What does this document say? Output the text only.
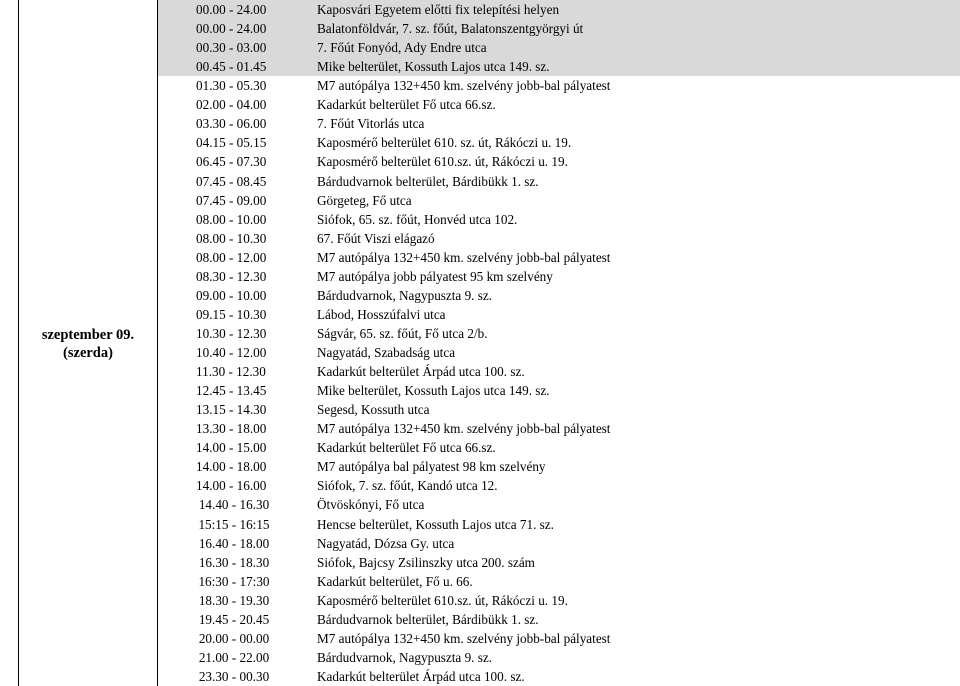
szeptember 09.
(szerda)
00.00 - 24.00	Kaposvári Egyetem előtti fix telepítési helyen
00.00 - 24.00	Balatonföldvár, 7. sz. főút, Balatonszentgyörgyi út
00.30 - 03.00	7. Főút Fonyód, Ady Endre utca
00.45 - 01.45	Mike belterület, Kossuth Lajos utca 149. sz.
01.30 - 05.30	M7 autópálya 132+450 km. szelvény jobb-bal pályatest
02.00 - 04.00	Kadarkút belterület Fő utca 66.sz.
03.30 - 06.00	7. Főút Vitorlás utca
04.15 - 05.15	Kaposmérő belterület 610. sz. út, Rákóczi u. 19.
06.45 - 07.30	Kaposmérő belterület 610.sz. út, Rákóczi u. 19.
07.45 - 08.45	Bárdudvarnok belterület, Bárdibükk 1. sz.
07.45 - 09.00	Görgeteg, Fő utca
08.00 - 10.00	Siófok, 65. sz. főút, Honvéd utca 102.
08.00 - 10.30	67. Főút Viszi elágazó
08.00 - 12.00	M7 autópálya 132+450 km. szelvény jobb-bal pályatest
08.30 - 12.30	M7 autópálya jobb pályatest 95 km szelvény
09.00 - 10.00	Bárdudvarnok, Nagypuszta 9. sz.
09.15 - 10.30	Lábod, Hosszúfalvi utca
10.30 - 12.30	Ságvár, 65. sz. főút, Fő utca 2/b.
10.40 - 12.00	Nagyatád, Szabadság utca
11.30 - 12.30	Kadarkút belterület Árpád utca 100. sz.
12.45 - 13.45	Mike belterület, Kossuth Lajos utca 149. sz.
13.15 - 14.30	Segesd, Kossuth utca
13.30 - 18.00	M7 autópálya 132+450 km. szelvény jobb-bal pályatest
14.00 - 15.00	Kadarkút belterület Fő utca 66.sz.
14.00 - 18.00	M7 autópálya bal pályatest 98 km szelvény
14.00 - 16.00	Siófok, 7. sz. főút, Kandó utca 12.
14.40 - 16.30	Ötvöskónyi, Fő utca
15:15 - 16:15	Hencse belterület, Kossuth Lajos utca 71. sz.
16.40 - 18.00	Nagyatád, Dózsa Gy. utca
16.30 - 18.30	Siófok, Bajcsy Zsilinszky utca 200. szám
16:30 - 17:30	Kadarkút belterület, Fő u. 66.
18.30 - 19.30	Kaposmérő belterület 610.sz. út, Rákóczi u. 19.
19.45 - 20.45	Bárdudvarnok belterület, Bárdibükk 1. sz.
20.00 - 00.00	M7 autópálya 132+450 km. szelvény jobb-bal pályatest
21.00 - 22.00	Bárdudvarnok, Nagypuszta 9. sz.
23.30 - 00.30	Kadarkút belterület Árpád utca 100. sz.
